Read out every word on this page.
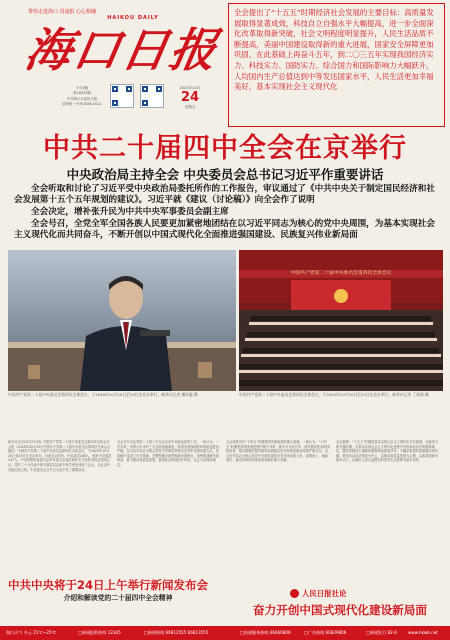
带你走进海口 贯通报 心心相融
海口日报
HAIKOU DAILY
今日8版
第16053期
中共海口市委机关报
国内统一刊号CN46-0011
2025年10月
24
星期五
全会提出了“十五五”时期经济社会发展的主要目标：高质量发展取得显著成效，科技自立自强水平大幅提高，进一步全面深化改革取得新突破，社会文明程度明显提升，人民生活品质不断提高，美丽中国建设取得新的重大进展，国家安全屏障更加巩固。在此基础上再奋斗五年，到二〇三五年实现我国经济实力、科技实力、国防实力、综合国力和国际影响力大幅跃升，人均国内生产总值达到中等发达国家水平，人民生活更加幸福美好，基本实现社会主义现代化
中共二十届四中全会在京举行
中央政治局主持全会 中央委员会总书记习近平作重要讲话
全会听取和讨论了习近平受中央政治局委托所作的工作报告，审议通过了《中共中央关于制定国民经济和社会发展第十五个五年规划的建议》。习近平就《建议（讨论稿）》向全会作了说明
全会决定，增补张升民为中共中央军事委员会副主席
全会号召，全党全军全国各族人民要更加紧密地团结在以习近平同志为核心的党中央周围，为基本实现社会主义现代化而共同奋斗，不断开创以中国式现代化全面推进强国建设、民族复兴伟业新局面
中国共产党第二十届中央委员会第四次全体会议，于2025年10月20日至23日在北京举行。新华社记者 谢环驰 摄
中国共产党第二十届中央委员会第四次全体会议
中国共产党第二十届中央委员会第四次全体会议，于2025年10月20日至23日在北京举行。新华社记者 丁海涛 摄
新华社北京10月23日电 中国共产党第二十届中央委员会第四次全体会议公报（2025年10月23日中国共产党第二十届中央委员会第四次全体会议通过）中国共产党第二十届中央委员会第四次全体会议，于2025年10月20日至23日在北京举行。出席全会的有，中央委员168人，候补中央委员147人。中央纪律检查委员会常务委员会委员和有关方面负责同志列席会议。党的二十大代表中部分基层同志和专家学者也列席了会议。全会由中央政治局主持。中央委员会总书记习近平作了重要讲话。
全会充分肯定党的二十届三中全会以来中央政治局的工作。一致认为，一年多来，世界百年未有之大变局加速演进，我国发展面临的环境更趋复杂严峻，以习近平同志为核心的党中央团结带领全党全军全国各族人民，坚持稳中求进工作总基调，完整准确全面贯彻新发展理念，加快构建新发展格局，着力推动高质量发展，我国经济持续回升向好，社会大局保持稳定。
全会高度评价“十四五”时期我国发展取得的重大成就。一致认为，“十四五”时期是我国发展进程中极不寻常、极不平凡的五年。面对错综复杂的国际形势、艰巨繁重的国内改革发展稳定任务特别是新冠疫情严重冲击，以习近平同志为核心的党中央团结带领全党全国各族人民，迎难而上、砥砺前行，推动党和国家事业取得新的重大成就。
全会强调，“十五五”时期是基本实现社会主义现代化夯实基础、全面发力的关键时期，在基本实现社会主义现代化进程中具有承前启后的重要地位。我国发展处于战略机遇和风险挑战并存、不确定难预料因素增多的时期。要坚持以经济建设为中心，以推动高质量发展为主题，以改革创新为根本动力，以满足人民日益增长的美好生活需要为根本目的。
中共中央将于24日上午举行新闻发布会
介绍和解读党的二十届四中全会精神	人民日报社论
奋力开创中国式现代化建设新局面
海口天气 多云 21℃~25℃	□新闻报料热线 12345	□新闻热线 66812555 66813555	□投递服务热线 66660806	□广告热线 66829806	□新闻发行 82-6	www.hkwb.net
